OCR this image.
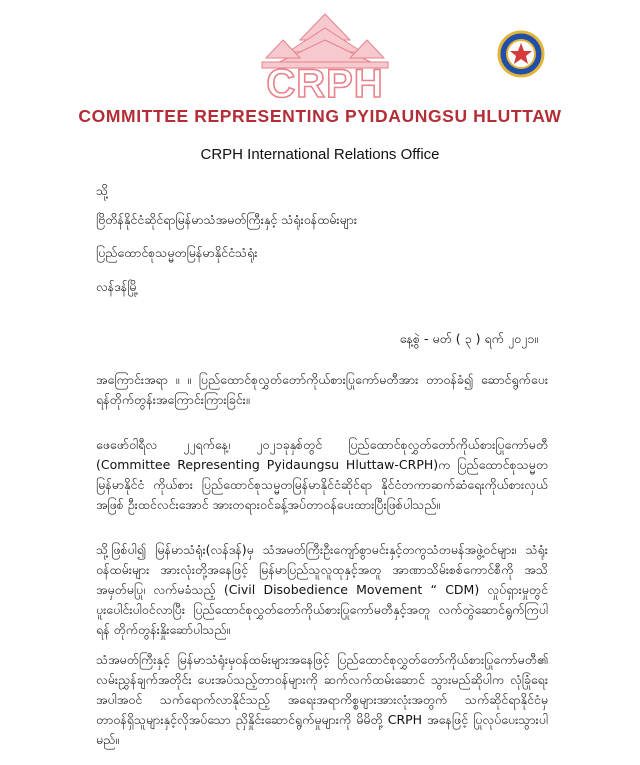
CRPH
COMMITTEE REPRESENTING PYIDAUNGSU HLUTTAW
CRPH International Relations Office
သို့
ဗြိတိန်နိုင်ငံဆိုင်ရာမြန်မာသံအမတ်ကြီးနှင့် သံရုံးဝန်ထမ်းများ
ပြည်ထောင်စုသမ္မတမြန်မာနိုင်ငံသံရုံး
လန်ဒန်မြို့
နေ့စွဲ - မတ် ( ၃ ) ရက် ၂၀၂၁။

အကြောင်းအရာ ။ ။ ပြည်ထောင်စုလွှတ်တော်ကိုယ်စားပြုကော်မတီအား တာဝန်ခံ၍ ဆောင်ရွက်ပေးရန်တိုက်တွန်းအကြောင်းကြားခြင်း။

ဖေဖော်ဝါရီလ ၂၂ရက်နေ့၊ ၂၀၂၁ခုနှစ်တွင် ပြည်ထောင်စုလွှတ်တော်ကိုယ်စားပြုကော်မတီ (Committee Representing Pyidaungsu Hluttaw-CRPH)က ပြည်ထောင်စုသမ္မတမြန်မာနိုင်ငံ ကိုယ်စား ပြည်ထောင်စုသမ္မတမြန်မာနိုင်ငံဆိုင်ရာ နိုင်ငံတကာဆက်ဆံရေးကိုယ်စားလှယ်အဖြစ် ဦးထင်လင်းအောင် အားတရားဝင်ခန့်အပ်တာဝန်ပေးထားပြီးဖြစ်ပါသည်။

သို့ဖြစ်ပါ၍ မြန်မာသံရုံး(လန်ဒန်)မှ သံအမတ်ကြီးဦးကျော်စွာမင်းနှင့်တကွသံတမန်အဖွဲ့ဝင်များ၊ သံရုံးဝန်ထမ်းများ အားလုံးတို့အနေဖြင့် မြန်မာပြည်သူလူထုနှင့်အတူ အာဏာသိမ်းစစ်ကောင်စီကို အသိအမှတ်မပြု၊ လက်မခံသည့် (Civil Disobedience Movement “ CDM) လှုပ်ရှားမှုတွင် ပူးပေါင်းပါဝင်လာပြီး ပြည်ထောင်စုလွှတ်တော်ကိုယ်စားပြုကော်မတီနှင့်အတူ လက်တွဲဆောင်ရွက်ကြပါရန် တိုက်တွန်းနှိုးဆော်ပါသည်။

သံအမတ်ကြီးနှင့် မြန်မာသံရုံးမှဝန်ထမ်းများအနေဖြင့် ပြည်ထောင်စုလွှတ်တော်ကိုယ်စားပြုကော်မတီ၏ လမ်းညွှန်ချက်အတိုင်း ပေးအပ်သည့်တာဝန်များကို ဆက်လက်ထမ်းဆောင် သွားမည်ဆိုပါက လုံခြုံရေးအပါအဝင် သက်ရောက်လာနိုင်သည့် အရေးအရာကိစ္စများအားလုံးအတွက် သက်ဆိုင်ရာနိုင်ငံမှ တာဝန်ရှိသူများနှင့်လိုအပ်သော ညှိနှိုင်းဆောင်ရွက်မှုများကို မိမိတို့ CRPH အနေဖြင့် ပြုလုပ်ပေးသွားပါမည်။
